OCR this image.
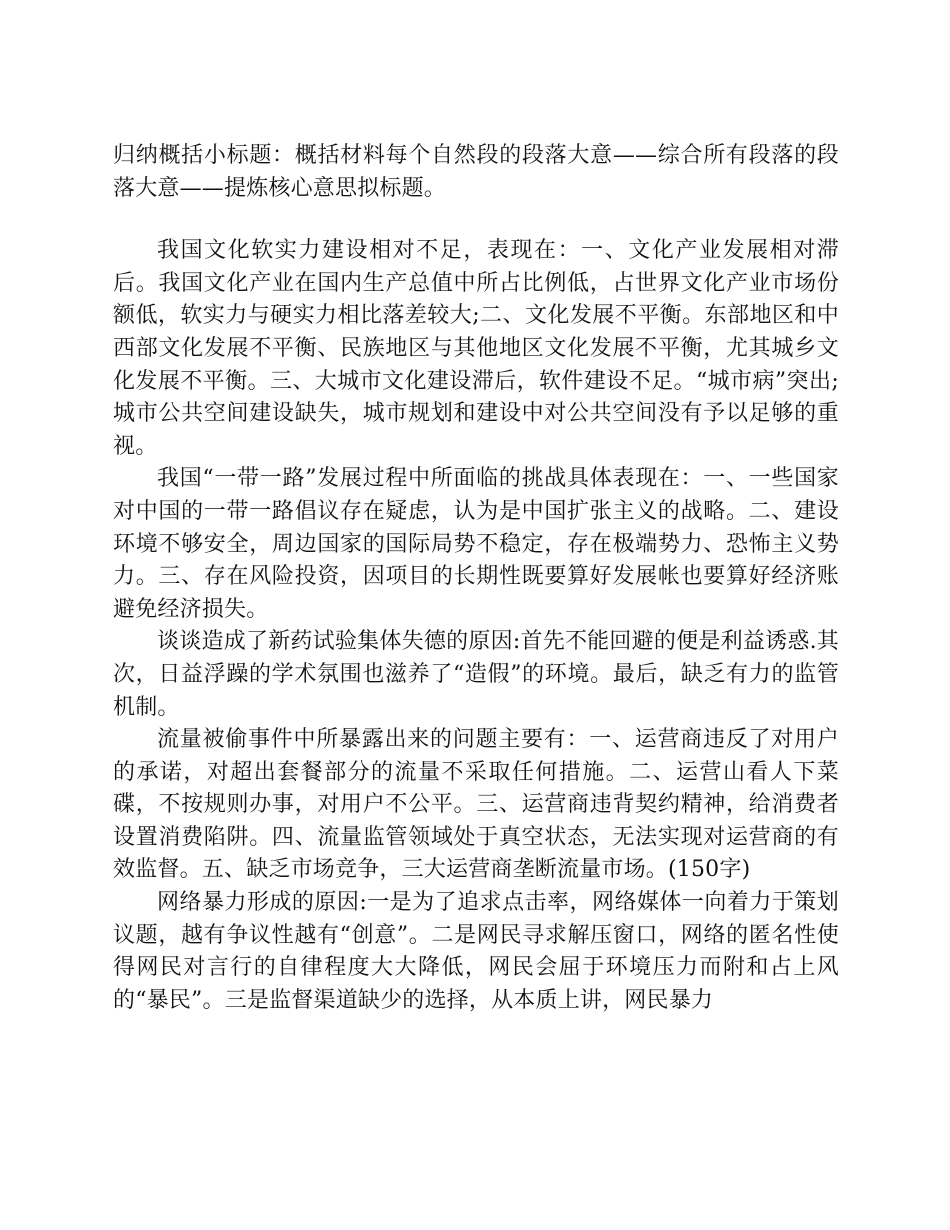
归纳概括小标题：概括材料每个自然段的段落大意——综合所有段落的段落大意——提炼核心意思拟标题。

我国文化软实力建设相对不足，表现在：一、文化产业发展相对滞后。我国文化产业在国内生产总值中所占比例低，占世界文化产业市场份额低，软实力与硬实力相比落差较大;二、文化发展不平衡。东部地区和中西部文化发展不平衡、民族地区与其他地区文化发展不平衡，尤其城乡文化发展不平衡。三、大城市文化建设滞后，软件建设不足。“城市病”突出;城市公共空间建设缺失，城市规划和建设中对公共空间没有予以足够的重视。

我国“一带一路”发展过程中所面临的挑战具体表现在：一、一些国家对中国的一带一路倡议存在疑虑，认为是中国扩张主义的战略。二、建设环境不够安全，周边国家的国际局势不稳定，存在极端势力、恐怖主义势力。三、存在风险投资，因项目的长期性既要算好发展帐也要算好经济账避免经济损失。

谈谈造成了新药试验集体失德的原因:首先不能回避的便是利益诱惑.其次，日益浮躁的学术氛围也滋养了“造假”的环境。最后，缺乏有力的监管机制。

流量被偷事件中所暴露出来的问题主要有：一、运营商违反了对用户的承诺，对超出套餐部分的流量不采取任何措施。二、运营山看人下菜碟，不按规则办事，对用户不公平。三、运营商违背契约精神，给消费者设置消费陷阱。四、流量监管领域处于真空状态，无法实现对运营商的有效监督。五、缺乏市场竞争，三大运营商垄断流量市场。(150字)

网络暴力形成的原因:一是为了追求点击率，网络媒体一向着力于策划议题，越有争议性越有“创意”。二是网民寻求解压窗口，网络的匿名性使得网民对言行的自律程度大大降低，网民会屈于环境压力而附和占上风的“暴民”。三是监督渠道缺少的选择，从本质上讲，网民暴力
